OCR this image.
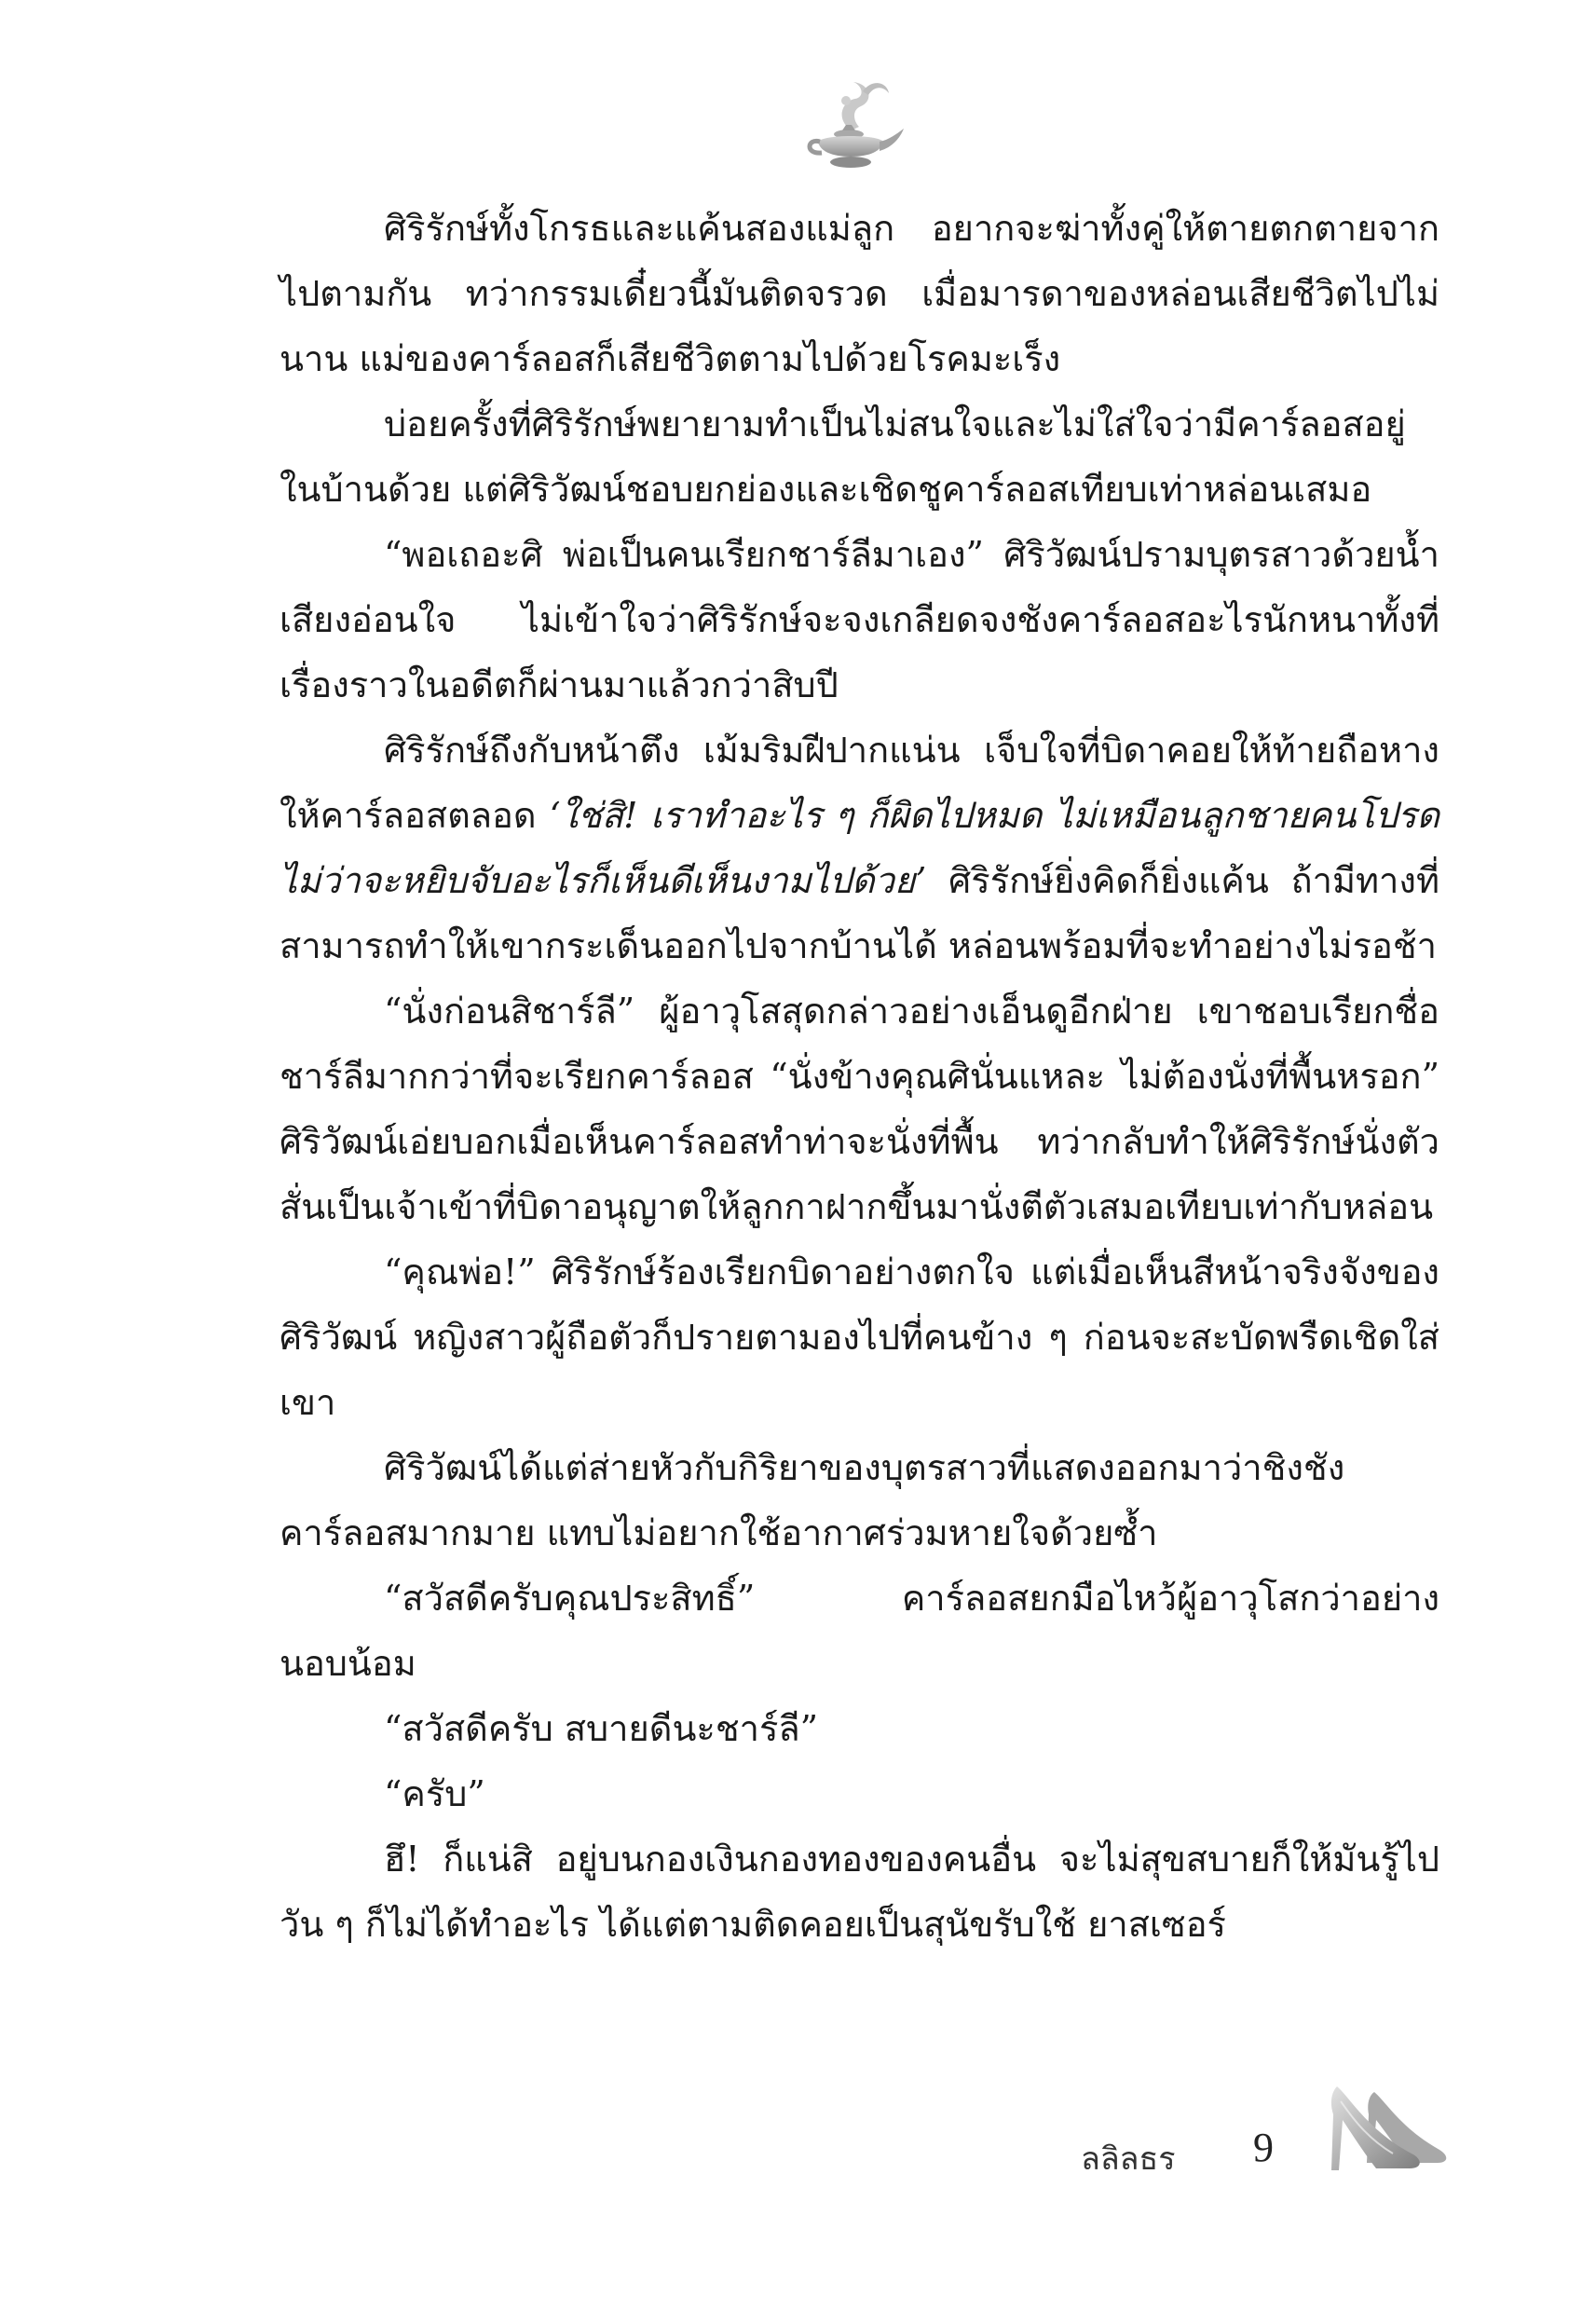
ศิริรักษ์ทั้งโกรธและแค้นสองแม่ลูก อยากจะฆ่าทั้งคู่ให้ตายตกตายจากไปตามกัน ทว่ากรรมเดี๋ยวนี้มันติดจรวด เมื่อมารดาของหล่อนเสียชีวิตไปไม่นาน แม่ของคาร์ลอสก็เสียชีวิตตามไปด้วยโรคมะเร็ง

บ่อยครั้งที่ศิริรักษ์พยายามทำเป็นไม่สนใจและไม่ใส่ใจว่ามีคาร์ลอสอยู่ในบ้านด้วย แต่ศิริวัฒน์ชอบยกย่องและเชิดชูคาร์ลอสเทียบเท่าหล่อนเสมอ

“พอเถอะศิ พ่อเป็นคนเรียกชาร์ลีมาเอง” ศิริวัฒน์ปรามบุตรสาวด้วยน้ำเสียงอ่อนใจ ไม่เข้าใจว่าศิริรักษ์จะจงเกลียดจงชังคาร์ลอสอะไรนักหนาทั้งที่เรื่องราวในอดีตก็ผ่านมาแล้วกว่าสิบปี

ศิริรักษ์ถึงกับหน้าตึง เม้มริมฝีปากแน่น เจ็บใจที่บิดาคอยให้ท้ายถือหางให้คาร์ลอสตลอด ‘ใช่สิ! เราทำอะไร ๆ ก็ผิดไปหมด ไม่เหมือนลูกชายคนโปรด ไม่ว่าจะหยิบจับอะไรก็เห็นดีเห็นงามไปด้วย’ ศิริรักษ์ยิ่งคิดก็ยิ่งแค้น ถ้ามีทางที่สามารถทำให้เขากระเด็นออกไปจากบ้านได้ หล่อนพร้อมที่จะทำอย่างไม่รอช้า

“นั่งก่อนสิชาร์ลี” ผู้อาวุโสสุดกล่าวอย่างเอ็นดูอีกฝ่าย เขาชอบเรียกชื่อชาร์ลีมากกว่าที่จะเรียกคาร์ลอส “นั่งข้างคุณศินั่นแหละ ไม่ต้องนั่งที่พื้นหรอก” ศิริวัฒน์เอ่ยบอกเมื่อเห็นคาร์ลอสทำท่าจะนั่งที่พื้น ทว่ากลับทำให้ศิริรักษ์นั่งตัวสั่นเป็นเจ้าเข้าที่บิดาอนุญาตให้ลูกกาฝากขึ้นมานั่งตีตัวเสมอเทียบเท่ากับหล่อน

“คุณพ่อ!” ศิริรักษ์ร้องเรียกบิดาอย่างตกใจ แต่เมื่อเห็นสีหน้าจริงจังของศิริวัฒน์ หญิงสาวผู้ถือตัวก็ปรายตามองไปที่คนข้าง ๆ ก่อนจะสะบัดพรืดเชิดใส่เขา

ศิริวัฒน์ได้แต่ส่ายหัวกับกิริยาของบุตรสาวที่แสดงออกมาว่าชิงชังคาร์ลอสมากมาย แทบไม่อยากใช้อากาศร่วมหายใจด้วยซ้ำ

“สวัสดีครับคุณประสิทธิ์” คาร์ลอสยกมือไหว้ผู้อาวุโสกว่าอย่างนอบน้อม

“สวัสดีครับ สบายดีนะชาร์ลี”

“ครับ”

ฮึ! ก็แน่สิ อยู่บนกองเงินกองทองของคนอื่น จะไม่สุขสบายก็ให้มันรู้ไป วัน ๆ ก็ไม่ได้ทำอะไร ได้แต่ตามติดคอยเป็นสุนัขรับใช้ ยาสเซอร์

ลลิลธร 9
